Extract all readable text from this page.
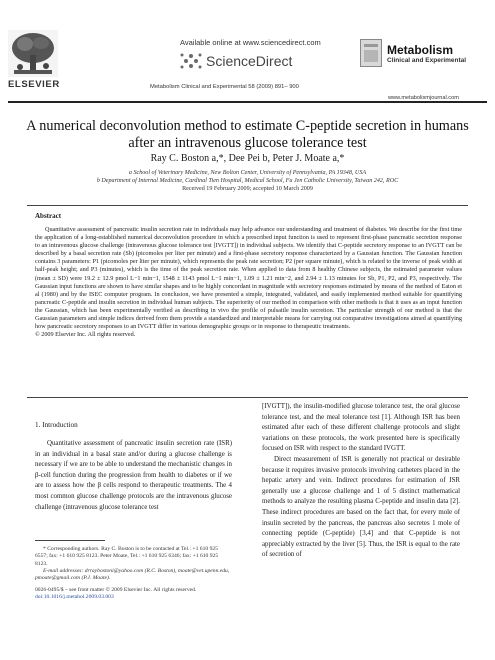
ELSEVIER
Available online at www.sciencedirect.com
ScienceDirect
Metabolism Clinical and Experimental 58 (2009) 891– 900
Metabolism
Clinical and Experimental
www.metabolismjournal.com
A numerical deconvolution method to estimate C-peptide secretion in humans after an intravenous glucose tolerance test
Ray C. Boston a,*, Dee Pei b, Peter J. Moate a,*
a School of Veterinary Medicine, New Bolton Center, University of Pennsylvania, PA 19348, USA
b Department of Internal Medicine, Cardinal Tien Hospital, Medical School, Fu Jen Catholic University, Taiwan 242, ROC
Received 19 February 2009; accepted 10 March 2009
Abstract
Quantitative assessment of pancreatic insulin secretion rate in individuals may help advance our understanding and treatment of diabetes. We describe for the first time the application of a long-established numerical deconvolution procedure in which a prescribed input function is used to represent first-phase pancreatic secretion response to an intravenous glucose challenge (intravenous glucose tolerance test [IVGTT]) in individual subjects. We identify that C-peptide secretory response to an IVGTT can be described by a basal secretion rate (Sb) (picomoles per liter per minute) and a first-phase secretory response characterized by a Gaussian function. The Gaussian function contains 3 parameters: P1 (picomoles per liter per minute), which represents the peak rate secretion; P2 (per square minute), which is related to the inverse of peak width at half-peak height; and P3 (minutes), which is the time of the peak secretion rate. When applied to data from 8 healthy Chinese subjects, the estimated parameter values (mean ± SD) were 19.2 ± 12.9 pmol L−1 min−1, 1548 ± 1143 pmol L−1 min−1, 1.09 ± 1.21 min−2, and 2.94 ± 1.13 minutes for Sb, P1, P2, and P3, respectively. The Gaussian input functions are shown to have similar shapes and to be highly concordant in magnitude with secretory responses estimated by means of the method of Eaton et al (1980) and by the ISEC computer program. In conclusion, we have presented a simple, integrated, validated, and easily implemented method suitable for quantifying pancreatic C-peptide and insulin secretion in individual human subjects. The superiority of our method in comparison with other methods is that it uses as an input function the Gaussian, which has been experimentally verified as describing in vivo the profile of pulsatile insulin secretion. The particular strength of our method is that the Gaussian parameters and simple indices derived from them provide a standardized and interpretable means for carrying out comparative investigations aimed at quantifying how pancreatic secretory responses to an IVGTT differ in various demographic groups or in response to therapeutic treatments.
© 2009 Elsevier Inc. All rights reserved.
1. Introduction
Quantitative assessment of pancreatic insulin secretion rate (ISR) in an individual in a basal state and/or during a glucose challenge is necessary if we are to be able to understand the mechanistic changes in β-cell function during the progression from health to diabetes or if we are to assess how the β cells respond to therapeutic treatments. The 4 most common glucose challenge protocols are the intravenous glucose challenge (intravenous glucose tolerance test
[IVGTT]), the insulin-modified glucose tolerance test, the oral glucose tolerance test, and the meal tolerance test [1]. Although ISR has been estimated after each of these different challenge protocols and slight variations on these protocols, the work presented here is specifically focused on ISR with respect to the standard IVGTT.
Direct measurement of ISR is generally not practical or desirable because it requires invasive protocols involving catheters placed in the hepatic artery and vein. Indirect procedures for estimation of ISR generally use a glucose challenge and 1 of 5 distinct mathematical methods to analyze the resulting plasma C-peptide and insulin data [2]. These indirect procedures are based on the fact that, for every mole of insulin secreted by the pancreas, the pancreas also secretes 1 mole of connecting peptide (C-peptide) [3,4] and that C-peptide is not appreciably extracted by the liver [5]. Thus, the ISR is equal to the rate of secretion of
* Corresponding authors. Ray C. Boston is to be contacted at Tel.: +1 610 925 6557; fax: +1 610 925 8123. Peter Moate, Tel.: +1 610 925 6346; fax: +1 610 925 8123.
E-mail addresses: drraybostoni@yahoo.com (R.C. Boston), moate@vet.upenn.edu, pmoate@gmail.com (P.J. Moate).
0026-0495/$ – see front matter © 2009 Elsevier Inc. All rights reserved.
doi:10.1016/j.metabol.2009.03.003
